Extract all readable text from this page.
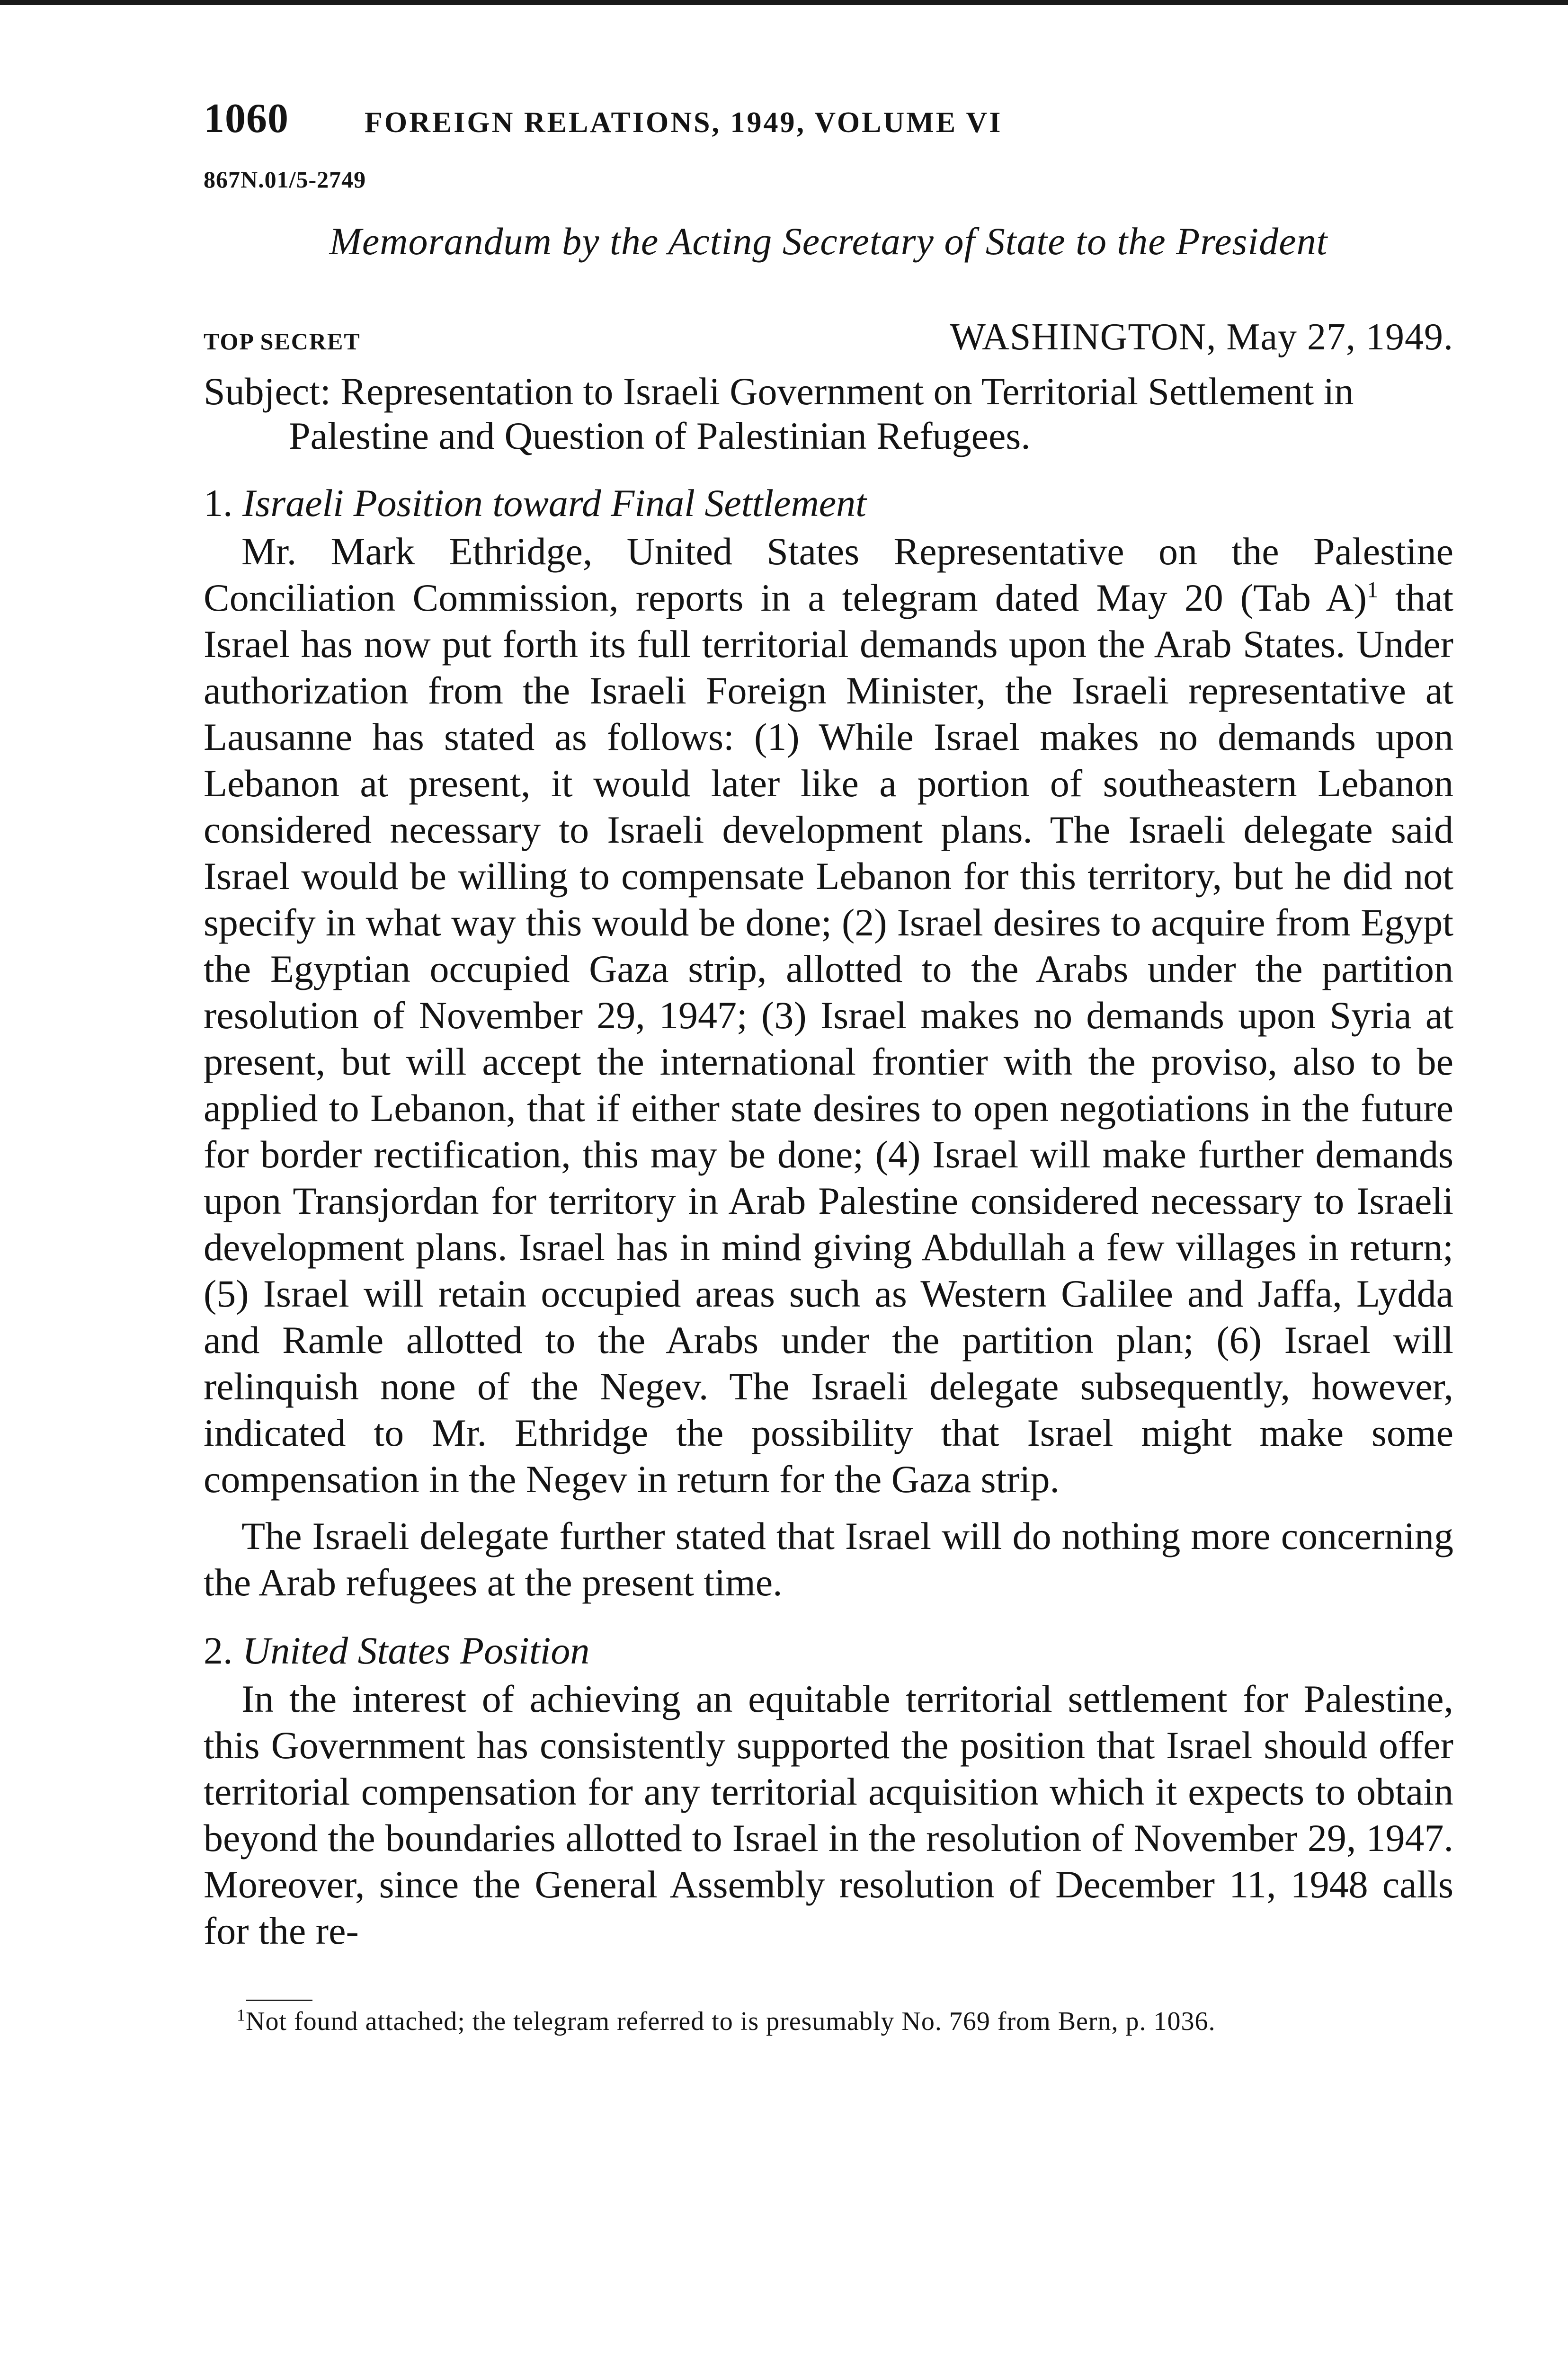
1060	FOREIGN RELATIONS, 1949, VOLUME VI
867N.01/5-2749
Memorandum by the Acting Secretary of State to the President
TOP SECRET	WASHINGTON, May 27, 1949.
Subject: Representation to Israeli Government on Territorial Settlement in Palestine and Question of Palestinian Refugees.
1. Israeli Position toward Final Settlement

Mr. Mark Ethridge, United States Representative on the Palestine Conciliation Commission, reports in a telegram dated May 20 (Tab A)$^1$ that Israel has now put forth its full territorial demands upon the Arab States. Under authorization from the Israeli Foreign Minister, the Israeli representative at Lausanne has stated as follows: (1) While Israel makes no demands upon Lebanon at present, it would later like a portion of southeastern Lebanon considered necessary to Israeli development plans. The Israeli delegate said Israel would be willing to compensate Lebanon for this territory, but he did not specify in what way this would be done; (2) Israel desires to acquire from Egypt the Egyptian occupied Gaza strip, allotted to the Arabs under the partition resolution of November 29, 1947; (3) Israel makes no demands upon Syria at present, but will accept the international frontier with the proviso, also to be applied to Lebanon, that if either state desires to open negotiations in the future for border rectification, this may be done; (4) Israel will make further demands upon Transjordan for territory in Arab Palestine considered necessary to Israeli development plans. Israel has in mind giving Abdullah a few villages in return; (5) Israel will retain occupied areas such as Western Galilee and Jaffa, Lydda and Ramle allotted to the Arabs under the partition plan; (6) Israel will relinquish none of the Negev. The Israeli delegate subsequently, however, indicated to Mr. Ethridge the possibility that Israel might make some compensation in the Negev in return for the Gaza strip.

The Israeli delegate further stated that Israel will do nothing more concerning the Arab refugees at the present time.

2. United States Position

In the interest of achieving an equitable territorial settlement for Palestine, this Government has consistently supported the position that Israel should offer territorial compensation for any territorial acquisition which it expects to obtain beyond the boundaries allotted to Israel in the resolution of November 29, 1947. Moreover, since the General Assembly resolution of December 11, 1948 calls for the re-

$^1$Not found attached; the telegram referred to is presumably No. 769 from Bern, p. 1036.
